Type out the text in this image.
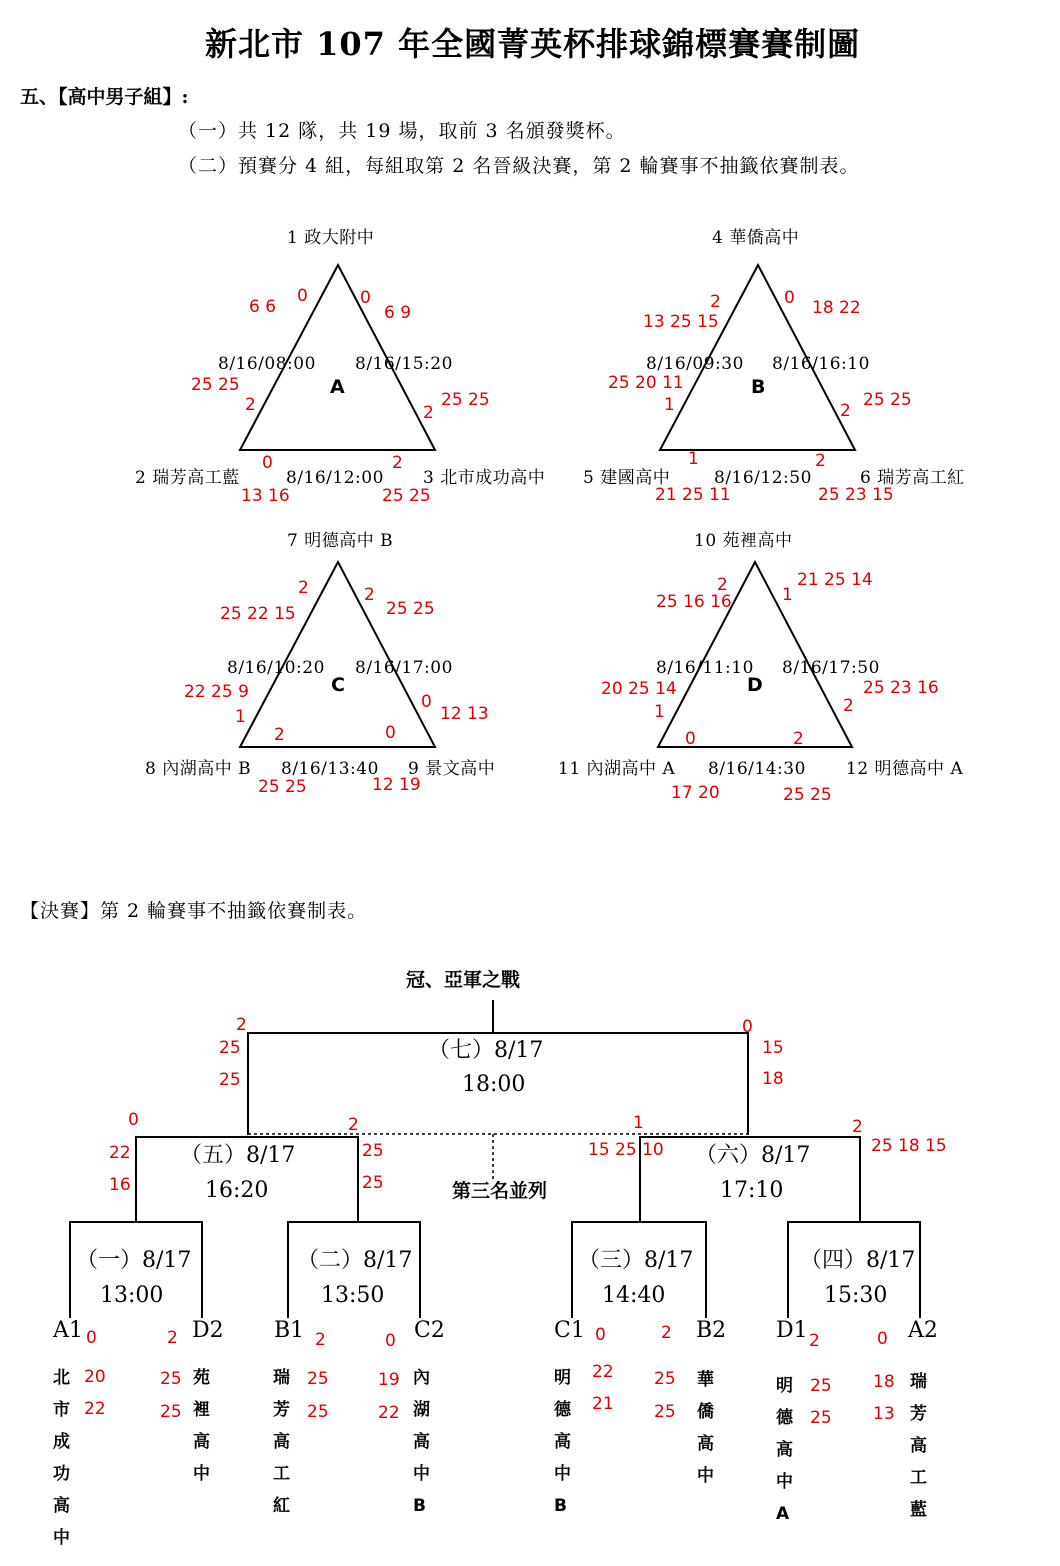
新北市 107 年全國菁英杯排球錦標賽賽制圖
五、【高中男子組】:
（一）共 12 隊，共 19 場，取前 3 名頒發獎杯。
（二）預賽分 4 組，每組取第 2 名晉級決賽，第 2 輪賽事不抽籤依賽制表。
1 政大附中
2 瑞芳高工藍	3 北市成功高中
8/16/08:00 8/16/15:20
8/16/12:00
A
6 6
0	0
6 9
25 25
2	2
25 25
0	2
13 16	25 25
4 華僑高中
5 建國高中	6 瑞芳高工紅
8/16/09:30 8/16/16:10
8/16/12:50
B
2
13 25 15
0 18 22
25 20 11
1	2
25 25
1	2
21 25 11	25 23 15
7 明德高中 B
8 內湖高中 B	9 景文高中
8/16/10:20 8/16/17:00
8/16/13:40
C
2
25 22 15
2
25 25
22 25 9
1
0
12 13
2	0
25 25	12 19
10 苑裡高中
11 內湖高中 A	12 明德高中 A
8/16/11:10 8/16/17:50
8/16/14:30
D
2
25 16 16	1
21 25 14
20 25 14
1	2
25 23 16
0	2
17 20	25 25
【決賽】第 2 輪賽事不抽籤依賽制表。
冠、亞軍之戰
（七）8/17
18:00
（五）8/17
16:20
（六）8/17
17:10
第三名並列
（一）8/17
13:00
（二）8/17
13:50
（三）8/17
14:40
（四）8/17
15:30
2
25
25
0
15
18
0
22
16
2
25
25
1
15 25 10
2
25 18 15
A1	D2 B1	C2	C1	B2 D1	A2
北市成功高中
苑裡高中
瑞芳高工紅
內湖高中B
明德高中B
華僑高中
明德高中A
瑞芳高工藍
0
20
22
2
25
25
2
25
25
0
19
22
0
22
21
2
25
25
2
25
25
0
18
13
